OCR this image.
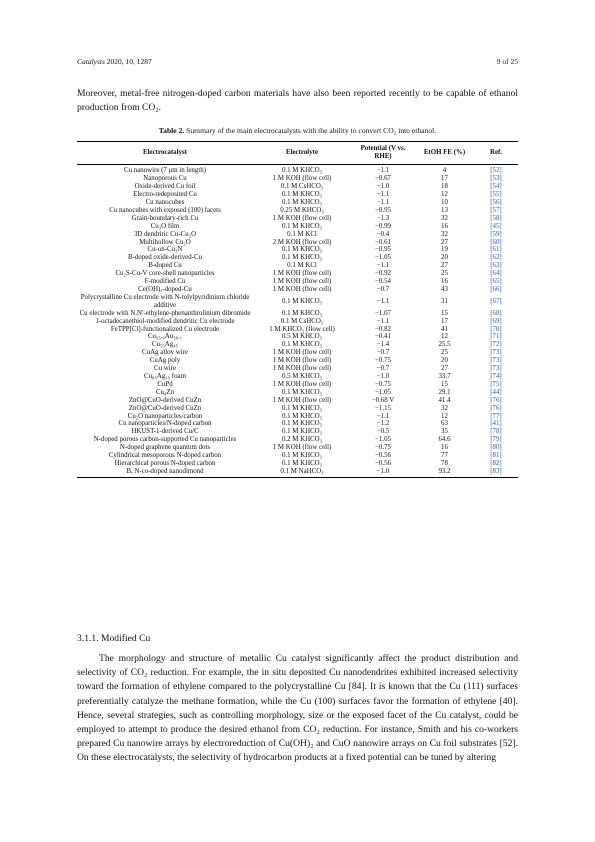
Catalysts 2020, 10, 1287	9 of 25
Moreover, metal-free nitrogen-doped carbon materials have also been reported recently to be capable of ethanol production from CO₂.
Table 2. Summary of the main electrocatalysts with the ability to convert CO₂ into ethanol.
Electrocatalyst	Electrolyte	Potential (V vs. RHE)	EtOH FE (%)	Ref.
Cu nanowire (7 μm in length)	0.1 M KHCO₃	−1.1	4	[52]
Nanoporous Cu	1 M KOH (flow cell)	−0.67	17	[53]
Oxide-derived Cu foil	0.1 M CsHCO₃	−1.0	18	[54]
Electro-redeposited Cu	0.1 M KHCO₃	−1.1	12	[55]
Cu nanocubes	0.1 M KHCO₃	−1.1	10	[56]
Cu nanocubes with exposed (100) facets	0.25 M KHCO₃	−0.95	13	[57]
Grain-boundary-rich Cu	1 M KOH (flow cell)	−1.3	32	[58]
Cu₃O film	0.1 M KHCO₃	−0.99	16	[45]
3D dendritic Cu-Cu₂O	0.1 M KCl	−0.4	32	[59]
Multihollow Cu₂O	2 M KOH (flow cell)	−0.61	27	[60]
Cu-on-Cu₃N	0.1 M KHCO₃	−0.95	19	[61]
B-doped oxide-derived-Cu	0.1 M KHCO₃	−1.05	20	[62]
B-doped Cu	0.1 M KCl	−1.1	27	[63]
Cu₂S-Cu-V core-shell nanoparticles	1 M KOH (flow cell)	−0.92	25	[64]
F-modified Cu	1 M KOH (flow cell)	−0.54	16	[65]
Ce(OH)ₓ-doped-Cu	1 M KOH (flow cell)	−0.7	43	[66]
Polycrystalline Cu electrode with N-tolylpyridinium chloride additive	0.1 M KHCO₃	−1.1	31	[67]
Cu electrode with N,N′-ethylene-phenanthrolinium dibromide	0.1 M KHCO₃	−1.07	15	[68]
1-octadecanethiol-modified dendritic Cu electrode	0.1 M CsHCO₃	−1.1	17	[69]
FeTPP[Cl]-functionalized Cu electrode	1 M KHCO₃ (flow cell)	−0.82	41	[70]
Cu₆₃.₉Au₃₆.₁	0.5 M KHCO₃	−0.41	12	[71]
Cu₅₅Ag₄₅	0.1 M KHCO₃	−1.4	25.5	[72]
CuAg alloy wire	1 M KOH (flow cell)	−0.7	25	[73]
CuAg poly	1 M KOH (flow cell)	−0.75	20	[73]
Cu wire	1 M KOH (flow cell)	−0.7	27	[73]
Cu₈₅Ag₁₅ foam	0.5 M KHCO₃	−1.0	33.7	[74]
CuPd	1 M KOH (flow cell)	−0.75	15	[75]
Cu₄Zn	0.1 M KHCO₃	−1.05	29.1	[44]
ZnO@CuO-derived CuZn	1 M KOH (flow cell)	−0.68 V	41.4	[76]
ZnO@CuO-derived CuZn	0.1 M KHCO₃	−1.15	32	[76]
Cu₂O nanoparticles/carbon	0.1 M KHCO₃	−1.1	12	[77]
Cu nanoparticles/N-doped carbon	0.1 M KHCO₃	−1.2	63	[41]
HKUST-1-derived Cu/C	0.1 M KHCO₃	−0.5	35	[78]
N-doped porous carbon-supported Cu nanoparticles	0.2 M KHCO₃	−1.05	64.6	[79]
N-doped graphene quantum dots	1 M KOH (flow cell)	−0.75	16	[80]
Cylindrical mesoporous N-doped carbon	0.1 M KHCO₃	−0.56	77	[81]
Hierarchical porous N-doped carbon	0.1 M KHCO₃	−0.56	78	[82]
B, N-co-doped nanodimond	0.1 M NaHCO₃	−1.0	93.2	[83]
3.1.1. Modified Cu
The morphology and structure of metallic Cu catalyst significantly affect the product distribution and selectivity of CO₂ reduction. For example, the in situ deposited Cu nanodendrites exhibited increased selectivity toward the formation of ethylene compared to the polycrystalline Cu [84]. It is known that the Cu (111) surfaces preferentially catalyze the methane formation, while the Cu (100) surfaces favor the formation of ethylene [40]. Hence, several strategies, such as controlling morphology, size or the exposed facet of the Cu catalyst, could be employed to attempt to produce the desired ethanol from CO₂ reduction. For instance, Smith and his co-workers prepared Cu nanowire arrays by electroreduction of Cu(OH)₂ and CuO nanowire arrays on Cu foil substrates [52]. On these electrocatalysts, the selectivity of hydrocarbon products at a fixed potential can be tuned by altering
